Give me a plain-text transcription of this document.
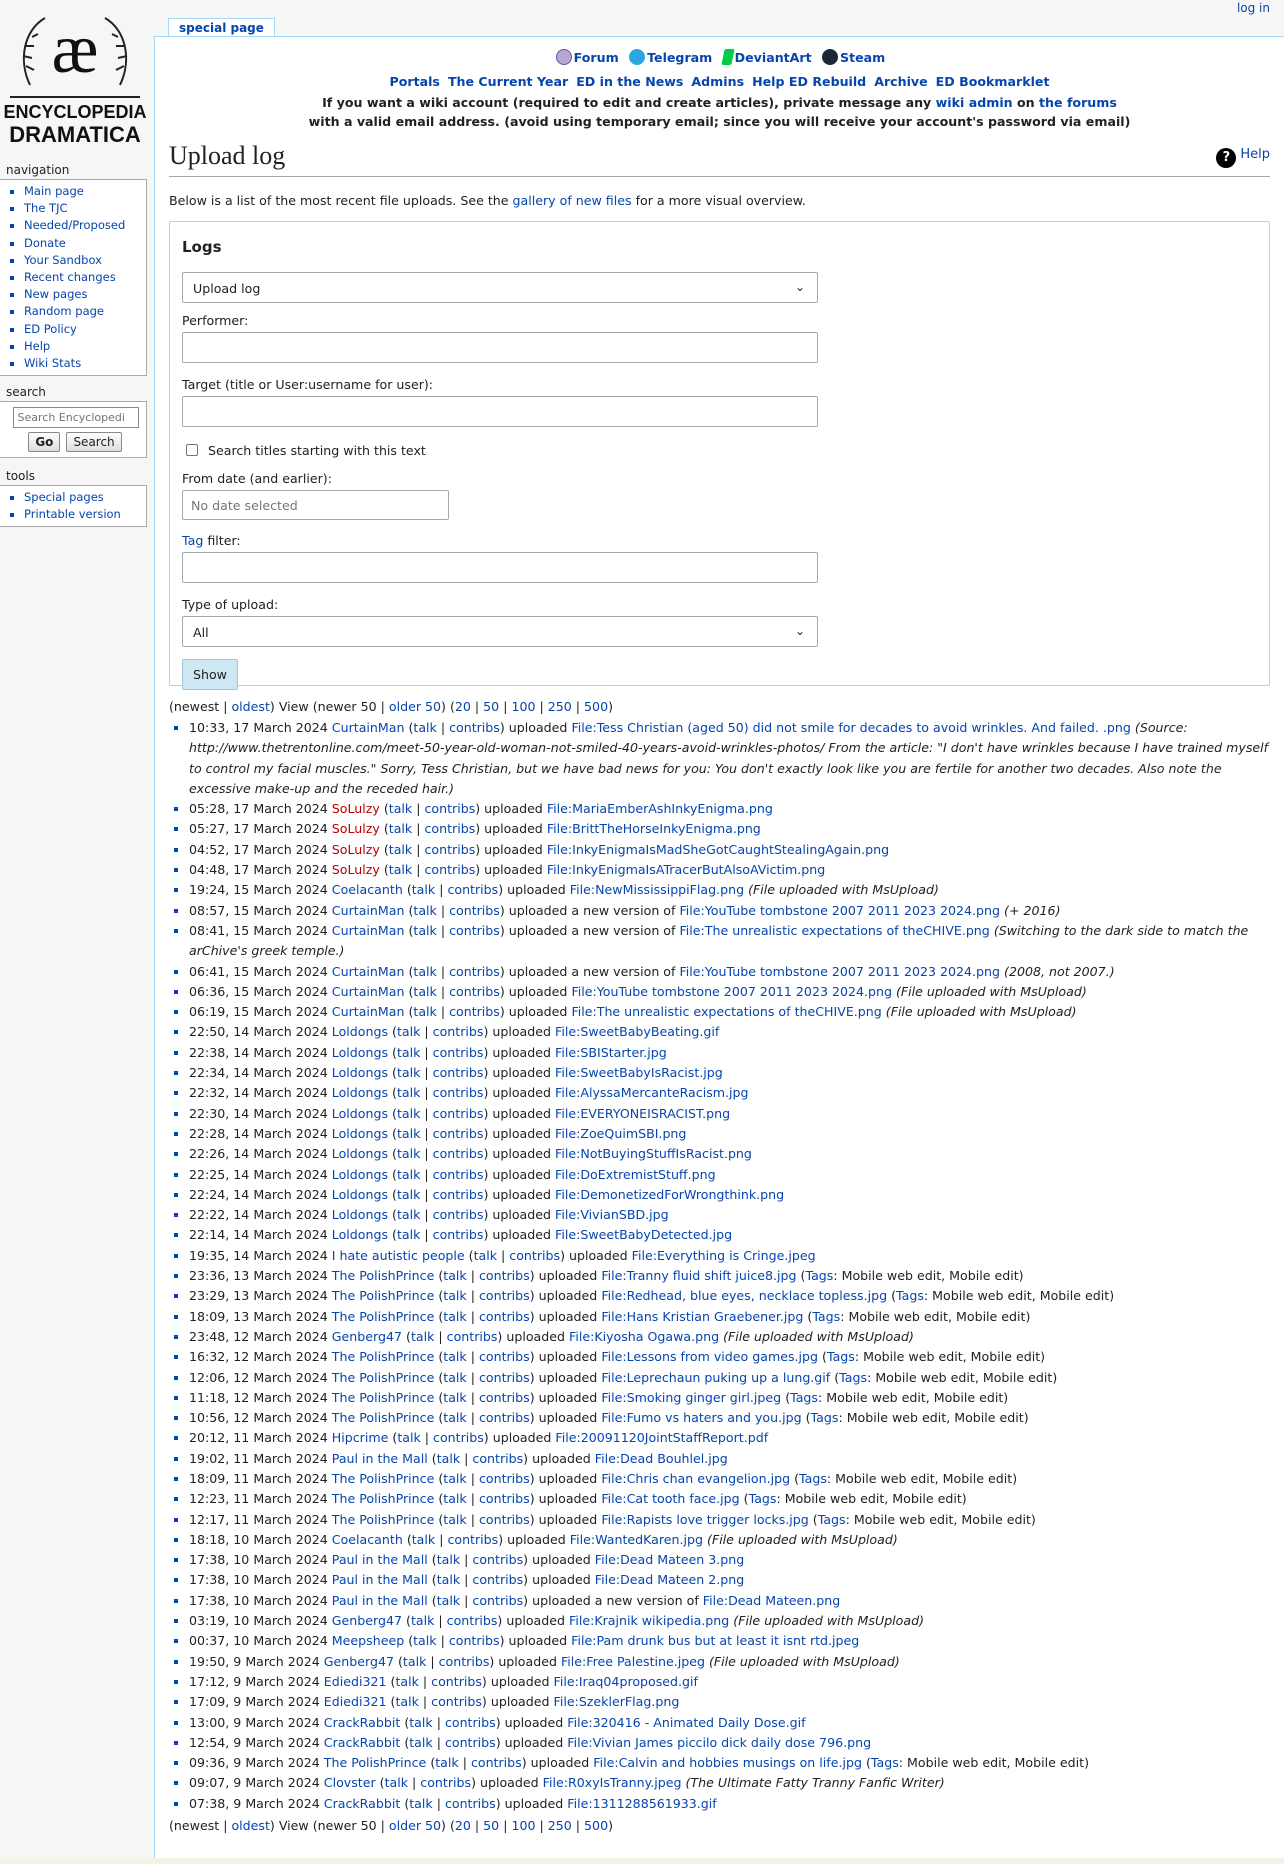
æ
ENCYCLOPEDIA
DRAMATICA
navigation
▪ Main page
▪ The TJC
▪ Needed/Proposed
▪ Donate
▪ Your Sandbox
▪ Recent changes
▪ New pages
▪ Random page
▪ ED Policy
▪ Help
▪ Wiki Stats
search
Search Encyclopedi
Go Search
tools
▪ Special pages
▪ Printable version
log in
special page
Forum Telegram DeviantArt Steam
Portals The Current Year ED in the News Admins Help ED Rebuild Archive ED Bookmarklet
If you want a wiki account (required to edit and create articles), private message any wiki admin on the forums
with a valid email address. (avoid using temporary email; since you will receive your account's password via email)
Upload log	? Help
Below is a list of the most recent file uploads. See the gallery of new files for a more visual overview.
Logs
Upload log	⌄
Performer:
Target (title or User:username for user):
Search titles starting with this text
From date (and earlier):
No date selected
Tag filter:
Type of upload:
All	⌄
Show
(newest | oldest) View (newer 50 | older 50) (20 | 50 | 100 | 250 | 500)
▪ 10:33, 17 March 2024 CurtainMan (talk | contribs) uploaded File:Tess Christian (aged 50) did not smile for decades to avoid wrinkles. And failed. .png (Source: http://www.thetrentonline.com/meet-50-year-old-woman-not-smiled-40-years-avoid-wrinkles-photos/ From the article: "I don't have wrinkles because I have trained myself to control my facial muscles." Sorry, Tess Christian, but we have bad news for you: You don't exactly look like you are fertile for another two decades. Also note the excessive make-up and the receded hair.)
▪ 05:28, 17 March 2024 SoLulzy (talk | contribs) uploaded File:MariaEmberAshInkyEnigma.png
▪ 05:27, 17 March 2024 SoLulzy (talk | contribs) uploaded File:BrittTheHorseInkyEnigma.png
▪ 04:52, 17 March 2024 SoLulzy (talk | contribs) uploaded File:InkyEnigmaIsMadSheGotCaughtStealingAgain.png
▪ 04:48, 17 March 2024 SoLulzy (talk | contribs) uploaded File:InkyEnigmaIsATracerButAlsoAVictim.png
▪ 19:24, 15 March 2024 Coelacanth (talk | contribs) uploaded File:NewMississippiFlag.png (File uploaded with MsUpload)
▪ 08:57, 15 March 2024 CurtainMan (talk | contribs) uploaded a new version of File:YouTube tombstone 2007 2011 2023 2024.png (+ 2016)
▪ 08:41, 15 March 2024 CurtainMan (talk | contribs) uploaded a new version of File:The unrealistic expectations of theCHIVE.png (Switching to the dark side to match the arChive's greek temple.)
▪ 06:41, 15 March 2024 CurtainMan (talk | contribs) uploaded a new version of File:YouTube tombstone 2007 2011 2023 2024.png (2008, not 2007.)
▪ 06:36, 15 March 2024 CurtainMan (talk | contribs) uploaded File:YouTube tombstone 2007 2011 2023 2024.png (File uploaded with MsUpload)
▪ 06:19, 15 March 2024 CurtainMan (talk | contribs) uploaded File:The unrealistic expectations of theCHIVE.png (File uploaded with MsUpload)
▪ 22:50, 14 March 2024 Loldongs (talk | contribs) uploaded File:SweetBabyBeating.gif
▪ 22:38, 14 March 2024 Loldongs (talk | contribs) uploaded File:SBIStarter.jpg
▪ 22:34, 14 March 2024 Loldongs (talk | contribs) uploaded File:SweetBabyIsRacist.jpg
▪ 22:32, 14 March 2024 Loldongs (talk | contribs) uploaded File:AlyssaMercanteRacism.jpg
▪ 22:30, 14 March 2024 Loldongs (talk | contribs) uploaded File:EVERYONEISRACIST.png
▪ 22:28, 14 March 2024 Loldongs (talk | contribs) uploaded File:ZoeQuimSBI.png
▪ 22:26, 14 March 2024 Loldongs (talk | contribs) uploaded File:NotBuyingStuffIsRacist.png
▪ 22:25, 14 March 2024 Loldongs (talk | contribs) uploaded File:DoExtremistStuff.png
▪ 22:24, 14 March 2024 Loldongs (talk | contribs) uploaded File:DemonetizedForWrongthink.png
▪ 22:22, 14 March 2024 Loldongs (talk | contribs) uploaded File:VivianSBD.jpg
▪ 22:14, 14 March 2024 Loldongs (talk | contribs) uploaded File:SweetBabyDetected.jpg
▪ 19:35, 14 March 2024 I hate autistic people (talk | contribs) uploaded File:Everything is Cringe.jpeg
▪ 23:36, 13 March 2024 The PolishPrince (talk | contribs) uploaded File:Tranny fluid shift juice8.jpg (Tags: Mobile web edit, Mobile edit)
▪ 23:29, 13 March 2024 The PolishPrince (talk | contribs) uploaded File:Redhead, blue eyes, necklace topless.jpg (Tags: Mobile web edit, Mobile edit)
▪ 18:09, 13 March 2024 The PolishPrince (talk | contribs) uploaded File:Hans Kristian Graebener.jpg (Tags: Mobile web edit, Mobile edit)
▪ 23:48, 12 March 2024 Genberg47 (talk | contribs) uploaded File:Kiyosha Ogawa.png (File uploaded with MsUpload)
▪ 16:32, 12 March 2024 The PolishPrince (talk | contribs) uploaded File:Lessons from video games.jpg (Tags: Mobile web edit, Mobile edit)
▪ 12:06, 12 March 2024 The PolishPrince (talk | contribs) uploaded File:Leprechaun puking up a lung.gif (Tags: Mobile web edit, Mobile edit)
▪ 11:18, 12 March 2024 The PolishPrince (talk | contribs) uploaded File:Smoking ginger girl.jpeg (Tags: Mobile web edit, Mobile edit)
▪ 10:56, 12 March 2024 The PolishPrince (talk | contribs) uploaded File:Fumo vs haters and you.jpg (Tags: Mobile web edit, Mobile edit)
▪ 20:12, 11 March 2024 Hipcrime (talk | contribs) uploaded File:20091120JointStaffReport.pdf
▪ 19:02, 11 March 2024 Paul in the Mall (talk | contribs) uploaded File:Dead Bouhlel.jpg
▪ 18:09, 11 March 2024 The PolishPrince (talk | contribs) uploaded File:Chris chan evangelion.jpg (Tags: Mobile web edit, Mobile edit)
▪ 12:23, 11 March 2024 The PolishPrince (talk | contribs) uploaded File:Cat tooth face.jpg (Tags: Mobile web edit, Mobile edit)
▪ 12:17, 11 March 2024 The PolishPrince (talk | contribs) uploaded File:Rapists love trigger locks.jpg (Tags: Mobile web edit, Mobile edit)
▪ 18:18, 10 March 2024 Coelacanth (talk | contribs) uploaded File:WantedKaren.jpg (File uploaded with MsUpload)
▪ 17:38, 10 March 2024 Paul in the Mall (talk | contribs) uploaded File:Dead Mateen 3.png
▪ 17:38, 10 March 2024 Paul in the Mall (talk | contribs) uploaded File:Dead Mateen 2.png
▪ 17:38, 10 March 2024 Paul in the Mall (talk | contribs) uploaded a new version of File:Dead Mateen.png
▪ 03:19, 10 March 2024 Genberg47 (talk | contribs) uploaded File:Krajnik wikipedia.png (File uploaded with MsUpload)
▪ 00:37, 10 March 2024 Meepsheep (talk | contribs) uploaded File:Pam drunk bus but at least it isnt rtd.jpeg
▪ 19:50, 9 March 2024 Genberg47 (talk | contribs) uploaded File:Free Palestine.jpeg (File uploaded with MsUpload)
▪ 17:12, 9 March 2024 Ediedi321 (talk | contribs) uploaded File:Iraq04proposed.gif
▪ 17:09, 9 March 2024 Ediedi321 (talk | contribs) uploaded File:SzeklerFlag.png
▪ 13:00, 9 March 2024 CrackRabbit (talk | contribs) uploaded File:320416 - Animated Daily Dose.gif
▪ 12:54, 9 March 2024 CrackRabbit (talk | contribs) uploaded File:Vivian James piccilo dick daily dose 796.png
▪ 09:36, 9 March 2024 The PolishPrince (talk | contribs) uploaded File:Calvin and hobbies musings on life.jpg (Tags: Mobile web edit, Mobile edit)
▪ 09:07, 9 March 2024 Clovster (talk | contribs) uploaded File:R0xyIsTranny.jpeg (The Ultimate Fatty Tranny Fanfic Writer)
▪ 07:38, 9 March 2024 CrackRabbit (talk | contribs) uploaded File:1311288561933.gif
(newest | oldest) View (newer 50 | older 50) (20 | 50 | 100 | 250 | 500)
